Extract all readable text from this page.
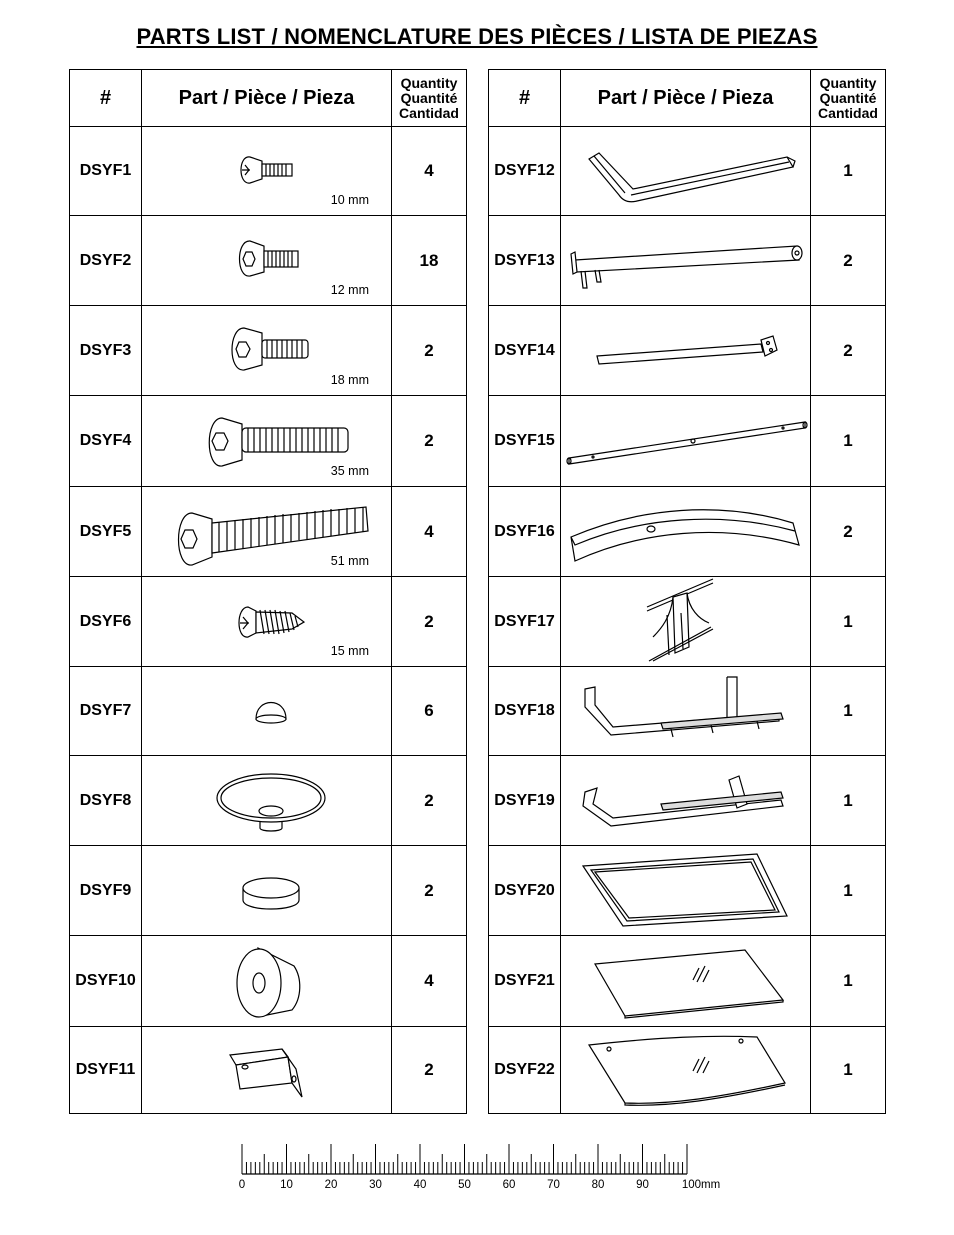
PARTS LIST / NOMENCLATURE DES PIÈCES / LISTA DE PIEZAS
#	Part / Pièce / Pieza	Quantity
Quantité
Cantidad

DSYF1	10 mm	4
DSYF2	12 mm	18
DSYF3	18 mm	2
DSYF4	35 mm	2
DSYF5	51 mm	4
DSYF6	15 mm	2
DSYF7		6
DSYF8		2
DSYF9		2
DSYF10		4
DSYF11		2
#	Part / Pièce / Pieza	Quantity
Quantité
Cantidad

DSYF12		1
DSYF13		2
DSYF14		2
DSYF15		1
DSYF16		2
DSYF17		1
DSYF18		1
DSYF19		1
DSYF20		1
DSYF21		1
DSYF22		1
0	10	20	30	40	50	60	70	80	90	100mm
